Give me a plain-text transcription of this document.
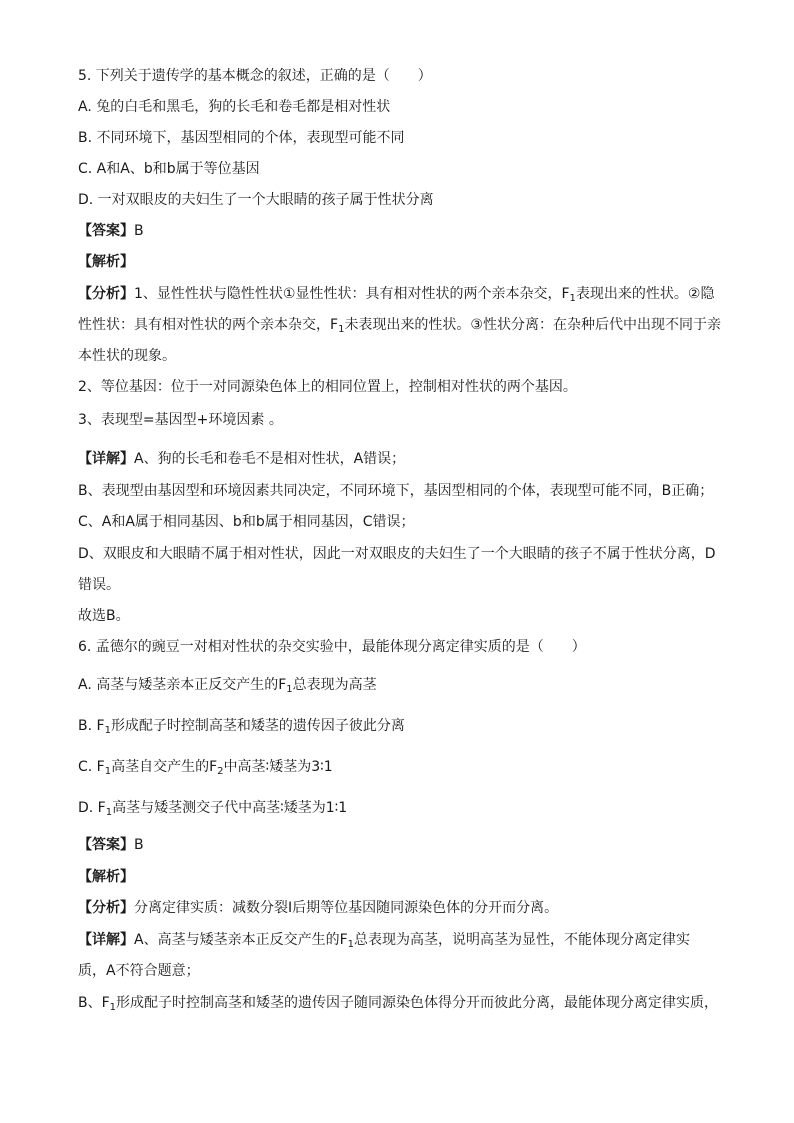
5. 下列关于遗传学的基本概念的叙述，正确的是（　　）
A. 兔的白毛和黑毛，狗的长毛和卷毛都是相对性状
B. 不同环境下，基因型相同的个体，表现型可能不同
C. A和A、b和b属于等位基因
D. 一对双眼皮的夫妇生了一个大眼睛的孩子属于性状分离
【答案】B
【解析】
【分析】1、显性性状与隐性性状①显性性状：具有相对性状的两个亲本杂交，$F_1$表现出来的性状。②隐
性性状：具有相对性状的两个亲本杂交，$F_1$未表现出来的性状。③性状分离：在杂种后代中出现不同于亲
本性状的现象。
2、等位基因：位于一对同源染色体上的相同位置上，控制相对性状的两个基因。
3、表现型=基因型+环境因素 。
【详解】A、狗的长毛和卷毛不是相对性状，A错误；
B、表现型由基因型和环境因素共同决定，不同环境下，基因型相同的个体，表现型可能不同，B正确；
C、A和A属于相同基因、b和b属于相同基因，C错误；
D、双眼皮和大眼睛不属于相对性状，因此一对双眼皮的夫妇生了一个大眼睛的孩子不属于性状分离，D
错误。
故选B。
6. 孟德尔的豌豆一对相对性状的杂交实验中，最能体现分离定律实质的是（　　）
A. 高茎与矮茎亲本正反交产生的$F_1$总表现为高茎
B. $F_1$形成配子时控制高茎和矮茎的遗传因子彼此分离
C. $F_1$高茎自交产生的$F_2$中高茎∶矮茎为3∶1
D. $F_1$高茎与矮茎测交子代中高茎∶矮茎为1∶1
【答案】B
【解析】
【分析】分离定律实质：减数分裂Ⅰ后期等位基因随同源染色体的分开而分离。
【详解】A、高茎与矮茎亲本正反交产生的$F_1$总表现为高茎，说明高茎为显性，不能体现分离定律实
质，A不符合题意；
B、$F_1$形成配子时控制高茎和矮茎的遗传因子随同源染色体得分开而彼此分离，最能体现分离定律实质，
